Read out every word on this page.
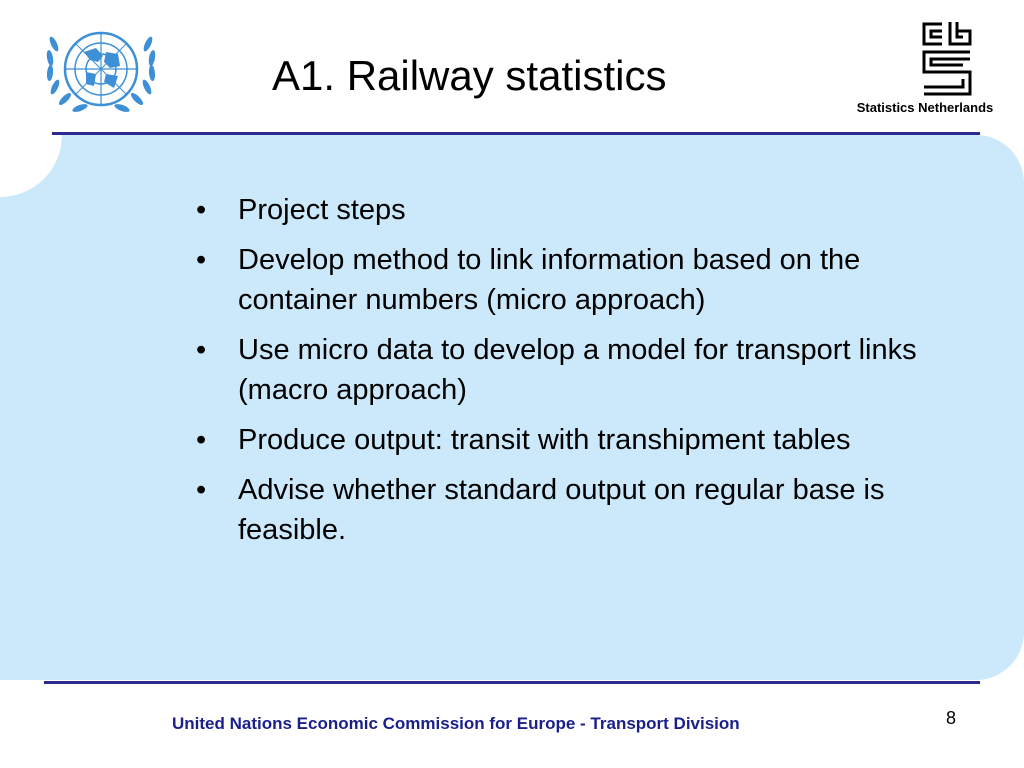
Statistics Netherlands
A1. Railway statistics
• Project steps
• Develop method to link information based on the container numbers (micro approach)
• Use micro data to develop a model for transport links (macro approach)
• Produce output: transit with transhipment tables
• Advise whether standard output on regular base is feasible.
United Nations Economic Commission for Europe - Transport Division	8
